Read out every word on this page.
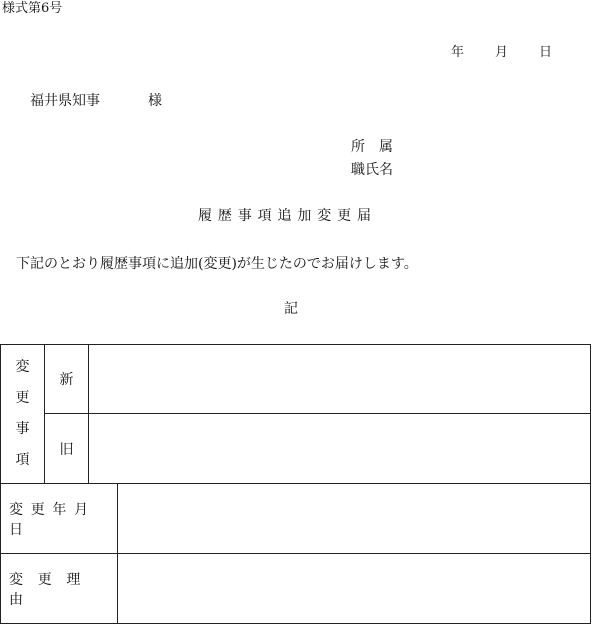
様式第6号
年 月 日
福井県知事	様
所　属
職氏名
履歴事項追加変更届
下記のとおり履歴事項に追加(変更)が生じたのでお届けします。
記
変
更
事
項	新		
	旧		
変更年月日			
変更理由			
